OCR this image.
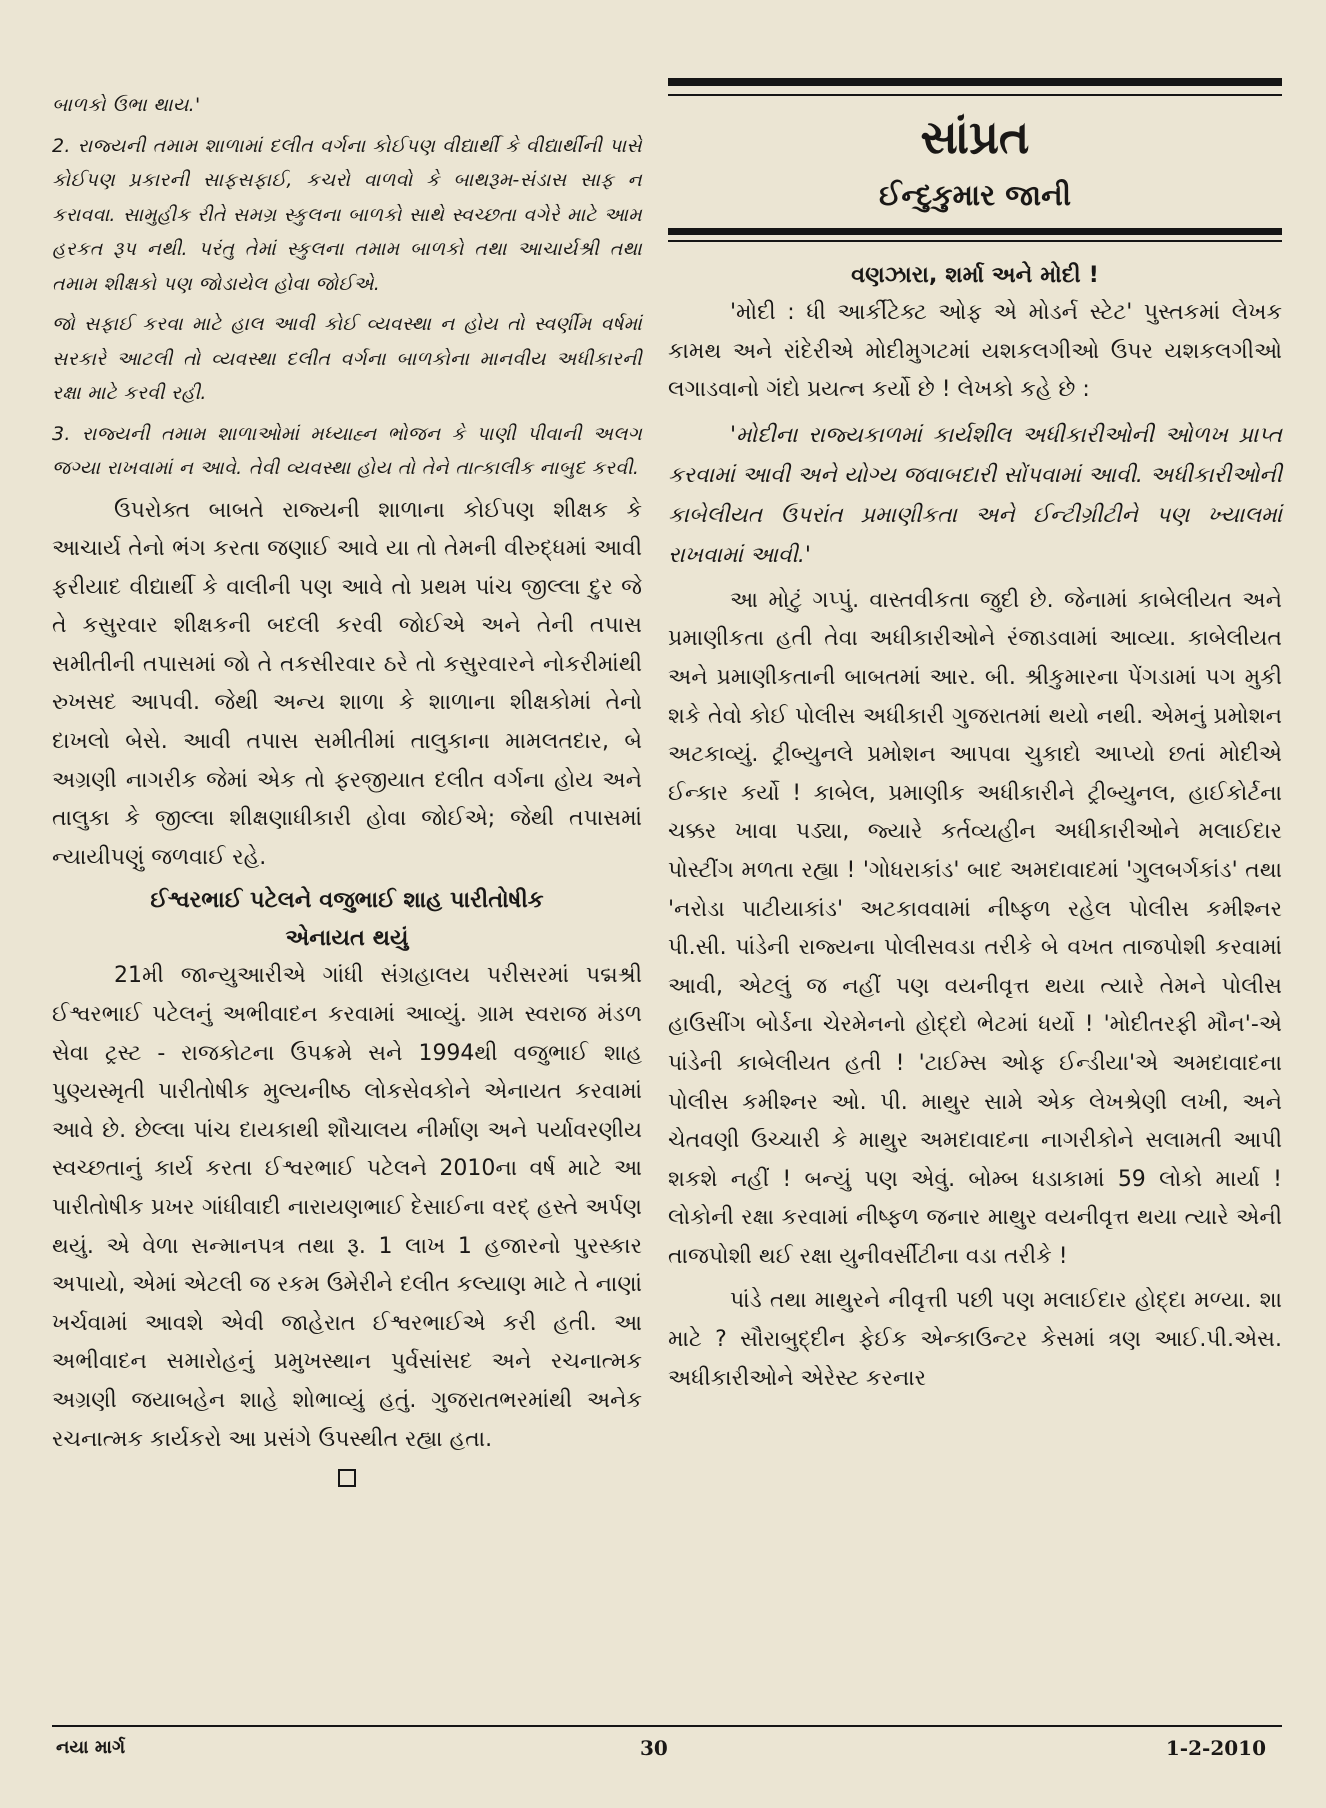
બાળકો ઉભા થાય.'

2. રાજ્યની તમામ શાળામાં દલીત વર્ગના કોઈપણ વીદ્યાર્થી કે વીદ્યાર્થીની પાસે કોઈપણ પ્રકારની સાફસફાઈ, કચરો વાળવો કે બાથરૂમ-સંડાસ સાફ ન કરાવવા. સામુહીક રીતે સમગ્ર સ્કુલના બાળકો સાથે સ્વચ્છતા વગેરે માટે આમ હરકત રૂપ નથી. પરંતુ તેમાં સ્કુલના તમામ બાળકો તથા આચાર્યશ્રી તથા તમામ શીક્ષકો પણ જોડાયેલ હોવા જોઈએ.

જો સફાઈ કરવા માટે હાલ આવી કોઈ વ્યવસ્થા ન હોય તો સ્વર્ણીમ વર્ષમાં સરકારે આટલી તો વ્યવસ્થા દલીત વર્ગના બાળકોના માનવીય અધીકારની રક્ષા માટે કરવી રહી.

3. રાજ્યની તમામ શાળાઓમાં મધ્યાહ્ન ભોજન કે પાણી પીવાની અલગ જગ્યા રાખવામાં ન આવે. તેવી વ્યવસ્થા હોય તો તેને તાત્કાલીક નાબુદ કરવી.

ઉપરોક્ત બાબતે રાજ્યની શાળાના કોઈપણ શીક્ષક કે આચાર્ય તેનો ભંગ કરતા જણાઈ આવે યા તો તેમની વીરુદ્ધમાં આવી ફરીયાદ વીદ્યાર્થી કે વાલીની પણ આવે તો પ્રથમ પાંચ જીલ્લા દુર જે તે કસુરવાર શીક્ષકની બદલી કરવી જોઈએ અને તેની તપાસ સમીતીની તપાસમાં જો તે તકસીરવાર ઠરે તો કસુરવારને નોકરીમાંથી રુખસદ આપવી. જેથી અન્ય શાળા કે શાળાના શીક્ષકોમાં તેનો દાખલો બેસે. આવી તપાસ સમીતીમાં તાલુકાના મામલતદાર, બે અગ્રણી નાગરીક જેમાં એક તો ફરજીયાત દલીત વર્ગના હોય અને તાલુકા કે જીલ્લા શીક્ષણાધીકારી હોવા જોઈએ; જેથી તપાસમાં ન્યાયીપણું જળવાઈ રહે.

ઈશ્વરભાઈ પટેલને વજુભાઈ શાહ પારીતોષીક
એનાયત થયું

21મી જાન્યુઆરીએ ગાંધી સંગ્રહાલય પરીસરમાં પદ્મશ્રી ઈશ્વરભાઈ પટેલનું અભીવાદન કરવામાં આવ્યું. ગ્રામ સ્વરાજ મંડળ સેવા ટ્રસ્ટ - રાજકોટના ઉપક્રમે સને 1994થી વજુભાઈ શાહ પુણ્યસ્મૃતી પારીતોષીક મુલ્યનીષ્ઠ લોકસેવકોને એનાયત કરવામાં આવે છે. છેલ્લા પાંચ દાયકાથી શૌચાલય નીર્માણ અને પર્યાવરણીય સ્વચ્છતાનું કાર્ય કરતા ઈશ્વરભાઈ પટેલને 2010ના વર્ષ માટે આ પારીતોષીક પ્રખર ગાંધીવાદી નારાયણભાઈ દેસાઈના વરદ્ હસ્તે અર્પણ થયું. એ વેળા સન્માનપત્ર તથા રૂ. 1 લાખ 1 હજારનો પુરસ્કાર અપાયો, એમાં એટલી જ રકમ ઉમેરીને દલીત કલ્યાણ માટે તે નાણાં ખર્ચવામાં આવશે એવી જાહેરાત ઈશ્વરભાઈએ કરી હતી. આ અભીવાદન સમારોહનું પ્રમુખસ્થાન પુર્વસાંસદ અને રચનાત્મક અગ્રણી જયાબહેન શાહે શોભાવ્યું હતું. ગુજરાતભરમાંથી અનેક રચનાત્મક કાર્યકરો આ પ્રસંગે ઉપસ્થીત રહ્યા હતા.

સાંપ્રત
ઈન્દુકુમાર જાની
વણઝારા, શર્મા અને મોદી !

'મોદી : ધી આર્કીટેક્ટ ઓફ એ મોડર્ન સ્ટેટ' પુસ્તકમાં લેખક કામથ અને રાંદેરીએ મોદીમુગટમાં યશકલગીઓ ઉપર યશકલગીઓ લગાડવાનો ગંદો પ્રયત્ન કર્યો છે ! લેખકો કહે છે :

'મોદીના રાજ્યકાળમાં કાર્યશીલ અધીકારીઓની ઓળખ પ્રાપ્ત કરવામાં આવી અને યોગ્ય જવાબદારી સોંપવામાં આવી. અધીકારીઓની કાબેલીયત ઉપરાંત પ્રમાણીકતા અને ઈન્ટીગ્રીટીને પણ ખ્યાલમાં રાખવામાં આવી.'

આ મોટું ગપ્પું. વાસ્તવીકતા જુદી છે. જેનામાં કાબેલીયત અને પ્રમાણીકતા હતી તેવા અધીકારીઓને રંજાડવામાં આવ્યા. કાબેલીયત અને પ્રમાણીકતાની બાબતમાં આર. બી. શ્રીકુમારના પેંગડામાં પગ મુકી શકે તેવો કોઈ પોલીસ અધીકારી ગુજરાતમાં થયો નથી. એમનું પ્રમોશન અટકાવ્યું. ટ્રીબ્યુનલે પ્રમોશન આપવા ચુકાદો આપ્યો છતાં મોદીએ ઈન્કાર કર્યો ! કાબેલ, પ્રમાણીક અધીકારીને ટ્રીબ્યુનલ, હાઈકોર્ટના ચક્કર ખાવા પડ્યા, જ્યારે કર્તવ્યહીન અધીકારીઓને મલાઈદાર પોસ્ટીંગ મળતા રહ્યા ! 'ગોધરાકાંડ' બાદ અમદાવાદમાં 'ગુલબર્ગકાંડ' તથા 'નરોડા પાટીયાકાંડ' અટકાવવામાં નીષ્ફળ રહેલ પોલીસ કમીશ્નર પી.સી. પાંડેની રાજ્યના પોલીસવડા તરીકે બે વખત તાજપોશી કરવામાં આવી, એટલું જ નહીં પણ વયનીવૃત્ત થયા ત્યારે તેમને પોલીસ હાઉસીંગ બોર્ડના ચેરમેનનો હોદ્દો ભેટમાં ધર્યો ! 'મોદીતરફી મૌન'-એ પાંડેની કાબેલીયત હતી ! 'ટાઈમ્સ ઓફ ઈન્ડીયા'એ અમદાવાદના પોલીસ કમીશ્નર ઓ. પી. માથુર સામે એક લેખશ્રેણી લખી, અને ચેતવણી ઉચ્ચારી કે માથુર અમદાવાદના નાગરીકોને સલામતી આપી શકશે નહીં ! બન્યું પણ એવું. બોમ્બ ધડાકામાં 59 લોકો માર્યા ! લોકોની રક્ષા કરવામાં નીષ્ફળ જનાર માથુર વયનીવૃત્ત થયા ત્યારે એની તાજપોશી થઈ રક્ષા યુનીવર્સીટીના વડા તરીકે !

પાંડે તથા માથુરને નીવૃત્તી પછી પણ મલાઈદાર હોદ્દા મળ્યા. શા માટે ? સૌરાબુદ્દીન ફેઈક એન્કાઉન્ટર કેસમાં ત્રણ આઈ.પી.એસ. અધીકારીઓને એરેસ્ટ કરનાર

નયા માર્ગ	30	1-2-2010
